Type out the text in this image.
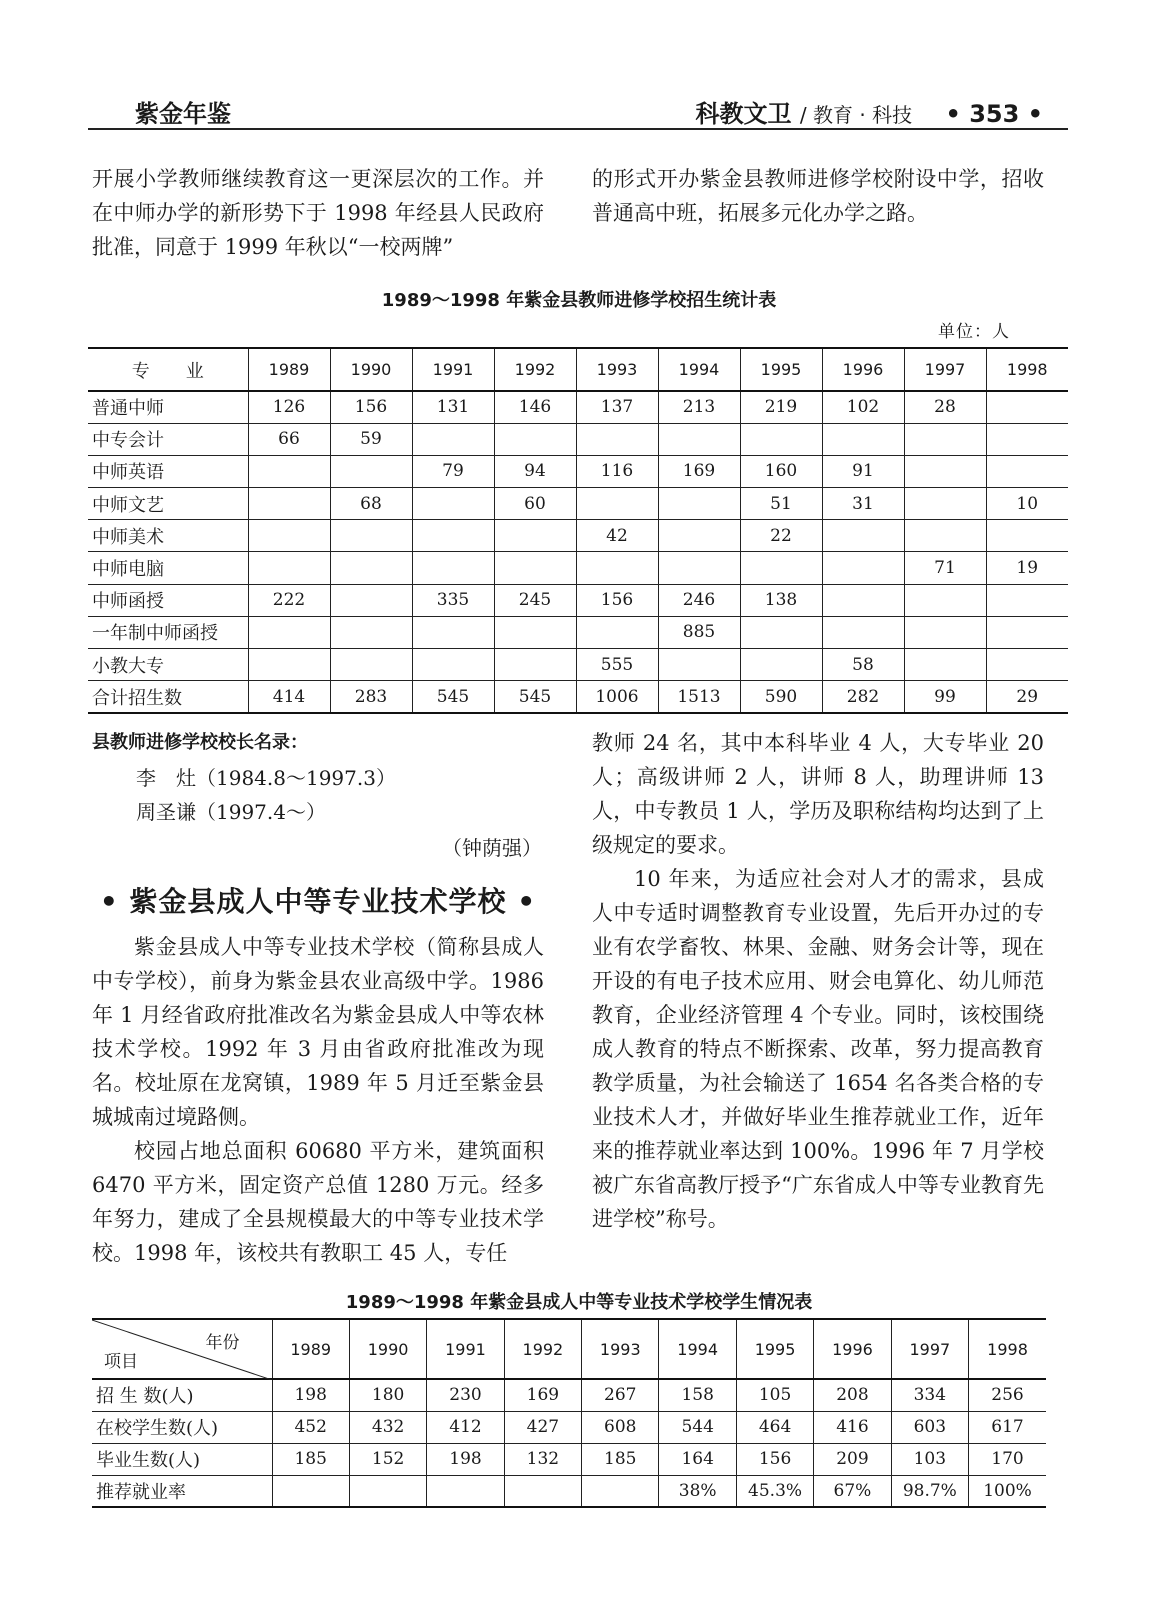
紫金年鉴	科教文卫 / 教育 · 科技 • 353 •

开展小学教师继续教育这一更深层次的工作。并在中师办学的新形势下于 1998 年经县人民政府批准，同意于 1999 年秋以“一校两牌”

的形式开办紫金县教师进修学校附设中学，招收普通高中班，拓展多元化办学之路。

1989～1998 年紫金县教师进修学校招生统计表
单位：人
专　　业	1989	1990	1991	1992	1993	1994	1995	1996	1997	1998
普通中师	126	156	131	146	137	213	219	102	28	
中专会计	66	59								
中师英语			79	94	116	169	160	91		
中师文艺		68		60			51	31		10
中师美术					42		22			
中师电脑									71	19
中师函授	222		335	245	156	246	138			
一年制中师函授						885				
小教大专					555			58		
合计招生数	414	283	545	545	1006	1513	590	282	99	29
县教师进修学校校长名录：
李　灶（1984.8～1997.3）
周圣谦（1997.4～）
（钟荫强）
• 紫金县成人中等专业技术学校 •

紫金县成人中等专业技术学校（简称县成人中专学校），前身为紫金县农业高级中学。1986 年 1 月经省政府批准改名为紫金县成人中等农林技术学校。1992 年 3 月由省政府批准改为现名。校址原在龙窝镇，1989 年 5 月迁至紫金县城城南过境路侧。

校园占地总面积 60680 平方米，建筑面积 6470 平方米，固定资产总值 1280 万元。经多年努力，建成了全县规模最大的中等专业技术学校。1998 年，该校共有教职工 45 人，专任

教师 24 名，其中本科毕业 4 人，大专毕业 20 人；高级讲师 2 人，讲师 8 人，助理讲师 13 人，中专教员 1 人，学历及职称结构均达到了上级规定的要求。

10 年来，为适应社会对人才的需求，县成人中专适时调整教育专业设置，先后开办过的专业有农学畜牧、林果、金融、财务会计等，现在开设的有电子技术应用、财会电算化、幼儿师范教育，企业经济管理 4 个专业。同时，该校围绕成人教育的特点不断探索、改革，努力提高教育教学质量，为社会输送了 1654 名各类合格的专业技术人才，并做好毕业生推荐就业工作，近年来的推荐就业率达到 100%。1996 年 7 月学校被广东省高教厅授予“广东省成人中等专业教育先进学校”称号。

1989～1998 年紫金县成人中等专业技术学校学生情况表
年份
项目	1989	1990	1991	1992	1993	1994	1995	1996	1997	1998
招 生 数(人)	198	180	230	169	267	158	105	208	334	256
在校学生数(人)	452	432	412	427	608	544	464	416	603	617
毕业生数(人)	185	152	198	132	185	164	156	209	103	170
推荐就业率						38%	45.3%	67%	98.7%	100%
